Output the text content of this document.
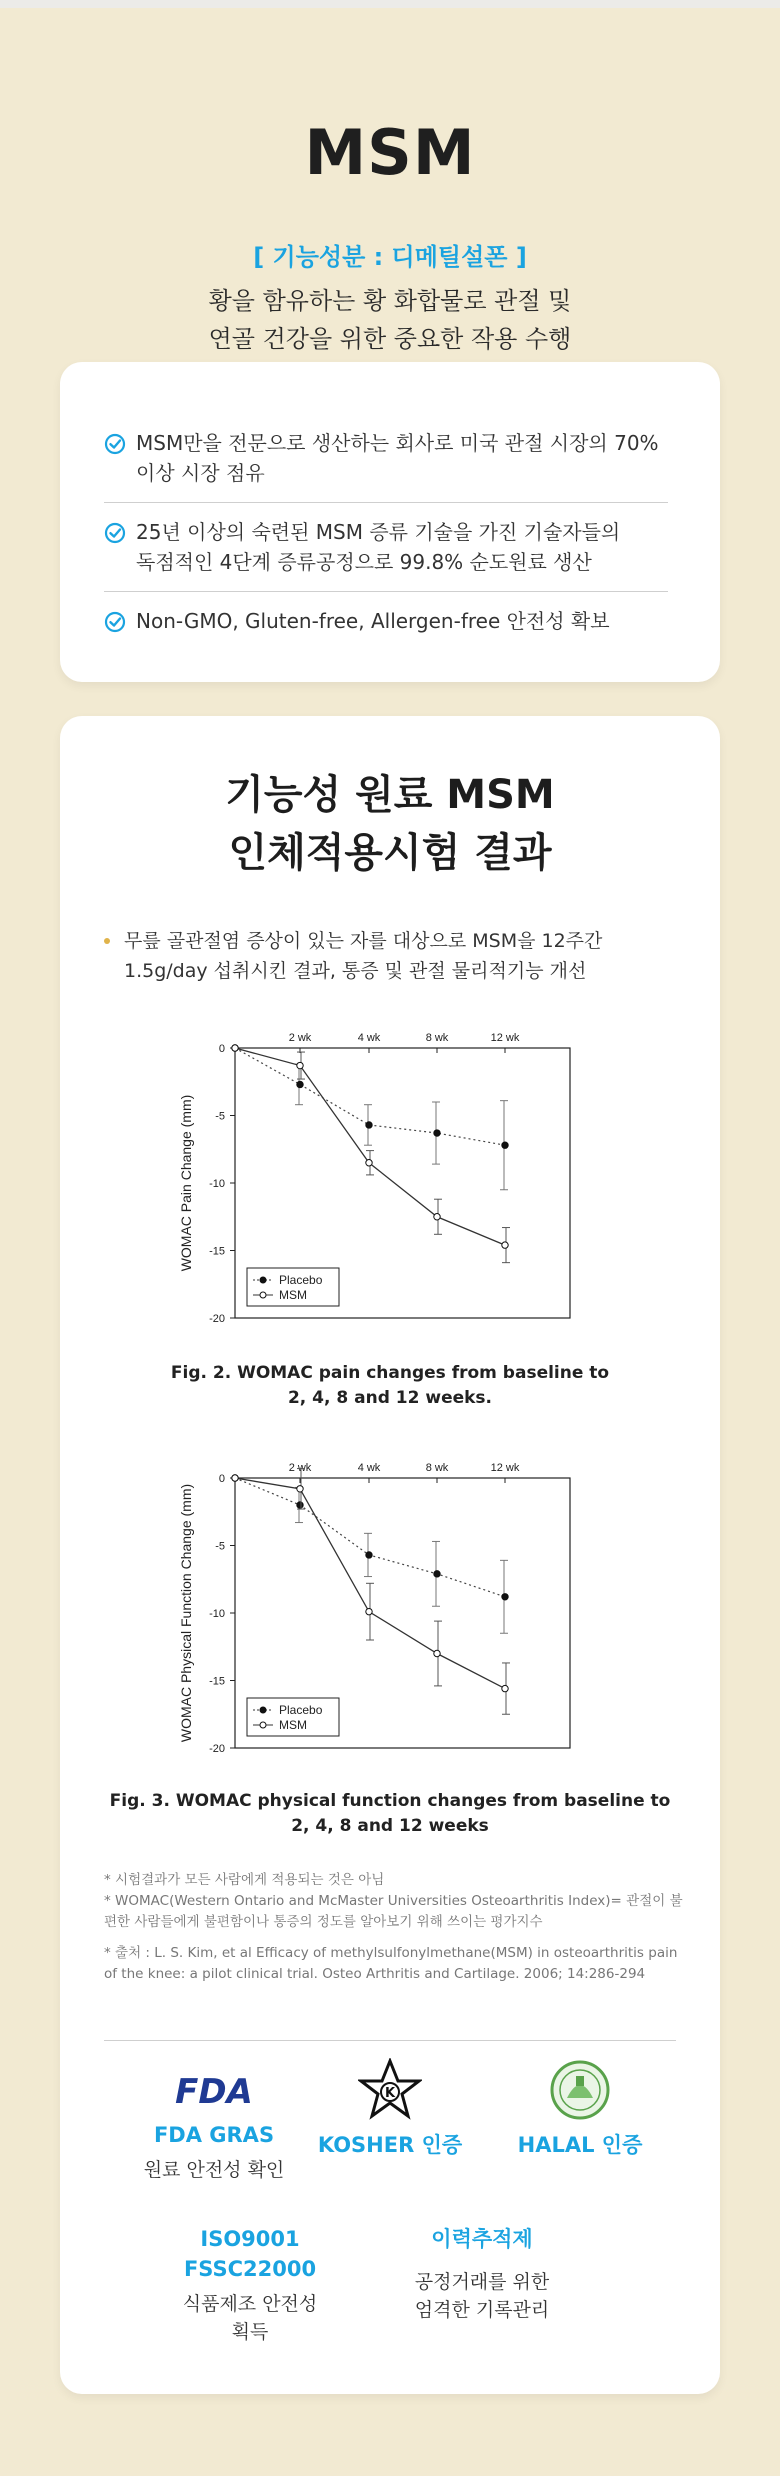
MSM
[ 기능성분 : 디메틸설폰 ]
황을 함유하는 황 화합물로 관절 및
연골 건강을 위한 중요한 작용 수행
MSM만을 전문으로 생산하는 회사로 미국 관절 시장의 70%
이상 시장 점유
25년 이상의 숙련된 MSM 증류 기술을 가진 기술자들의
독점적인 4단계 증류공정으로 99.8% 순도원료 생산
Non-GMO, Gluten-free, Allergen-free 안전성 확보
기능성 원료 MSM
인체적용시험 결과
무릎 골관절염 증상이 있는 자를 대상으로 MSM을 12주간
1.5g/day 섭취시킨 결과, 통증 및 관절 물리적기능 개선
0
-5
-10
-15
-20
2 wk	4 wk	8 wk	12 wk
WOMAC Pain Change (mm)
Placebo
MSM
Fig. 2. WOMAC pain changes from baseline to
2, 4, 8 and 12 weeks.
0
-5
-10
-15
-20
2 wk	4 wk	8 wk	12 wk
WOMAC Physical Function Change (mm)	Placebo
MSM
Fig. 3. WOMAC physical function changes from baseline to
2, 4, 8 and 12 weeks
* 시험결과가 모든 사람에게 적용되는 것은 아님
* WOMAC(Western Ontario and McMaster Universities Osteoarthritis Index)= 관절이 불편한 사람들에게 불편함이나 통증의 정도를 알아보기 위해 쓰이는 평가지수
* 출처 : L. S. Kim, et al Efficacy of methylsulfonylmethane(MSM) in osteoarthritis pain of the knee: a pilot clinical trial. Osteo Arthritis and Cartilage. 2006; 14:286-294
FDA
FDA GRAS
원료 안전성 확인
K
KOSHER 인증	HALAL 인증
ISO9001
FSSC22000
식품제조 안전성
획득
이력추적제
공정거래를 위한
엄격한 기록관리
